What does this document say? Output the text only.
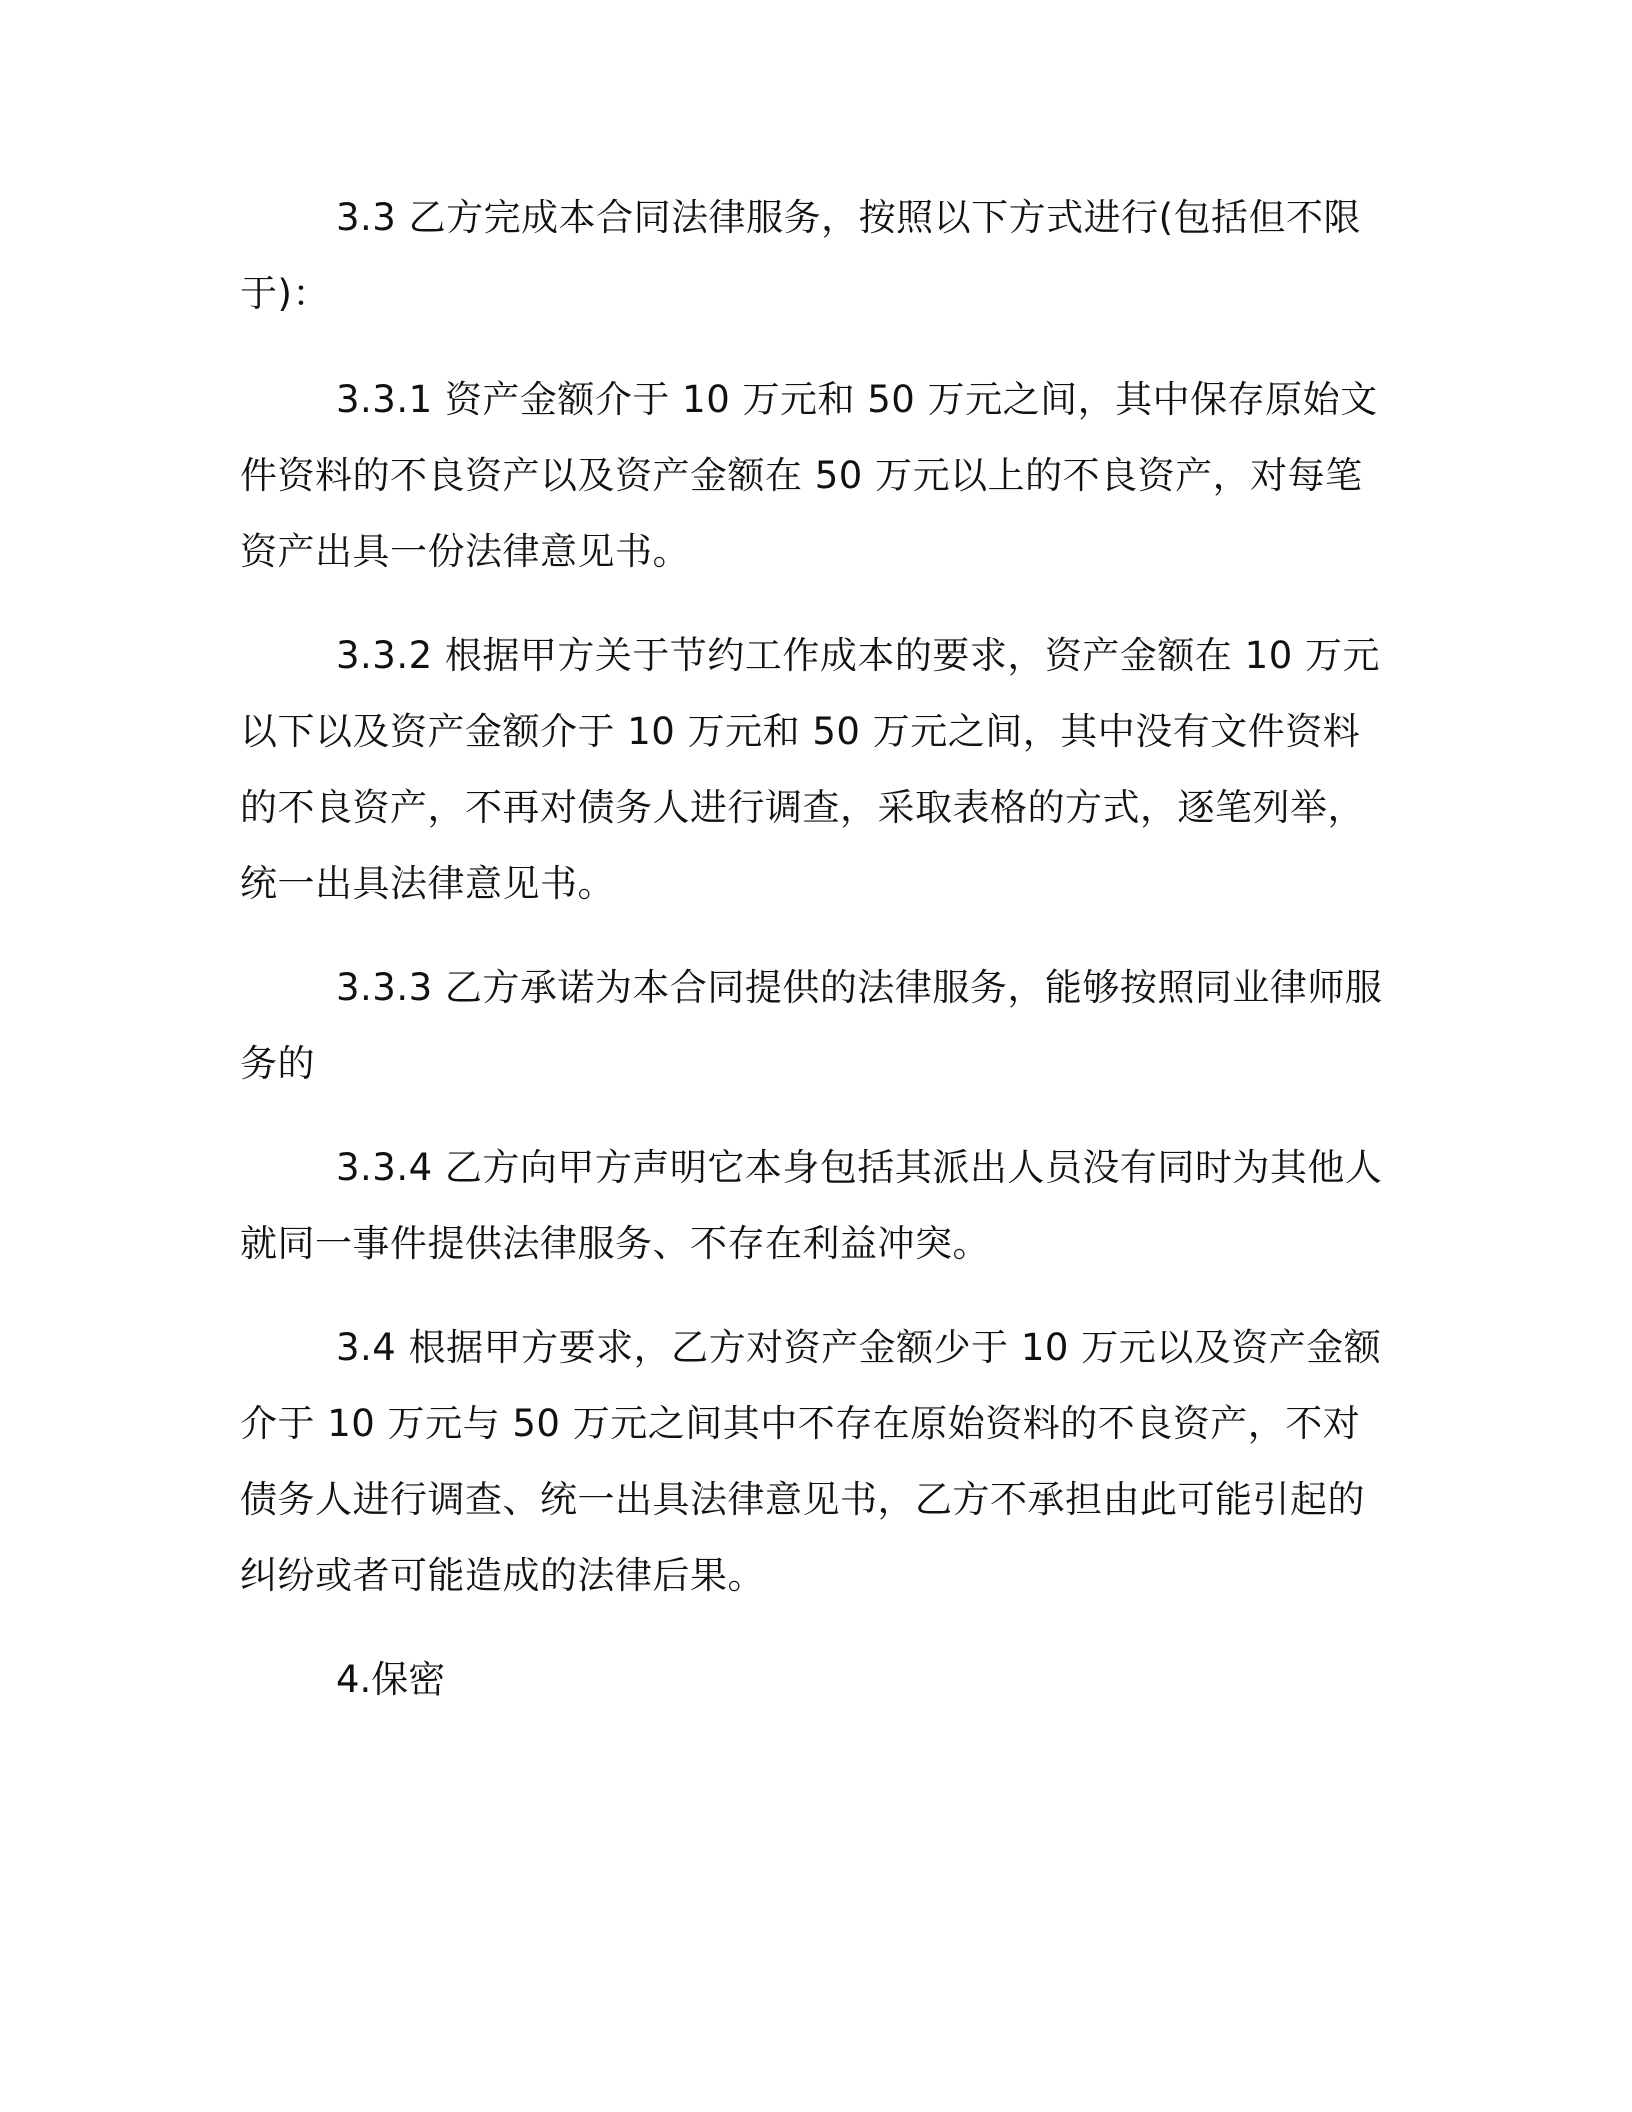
3.3 乙方完成本合同法律服务，按照以下方式进行(包括但不限于)：

3.3.1 资产金额介于 10 万元和 50 万元之间，其中保存原始文件资料的不良资产以及资产金额在 50 万元以上的不良资产，对每笔资产出具一份法律意见书。

3.3.2 根据甲方关于节约工作成本的要求，资产金额在 10 万元以下以及资产金额介于 10 万元和 50 万元之间，其中没有文件资料的不良资产，不再对债务人进行调查，采取表格的方式，逐笔列举，统一出具法律意见书。

3.3.3 乙方承诺为本合同提供的法律服务，能够按照同业律师服务的

3.3.4 乙方向甲方声明它本身包括其派出人员没有同时为其他人就同一事件提供法律服务、不存在利益冲突。

3.4 根据甲方要求，乙方对资产金额少于 10 万元以及资产金额介于 10 万元与 50 万元之间其中不存在原始资料的不良资产，不对债务人进行调查、统一出具法律意见书，乙方不承担由此可能引起的纠纷或者可能造成的法律后果。

4.保密
